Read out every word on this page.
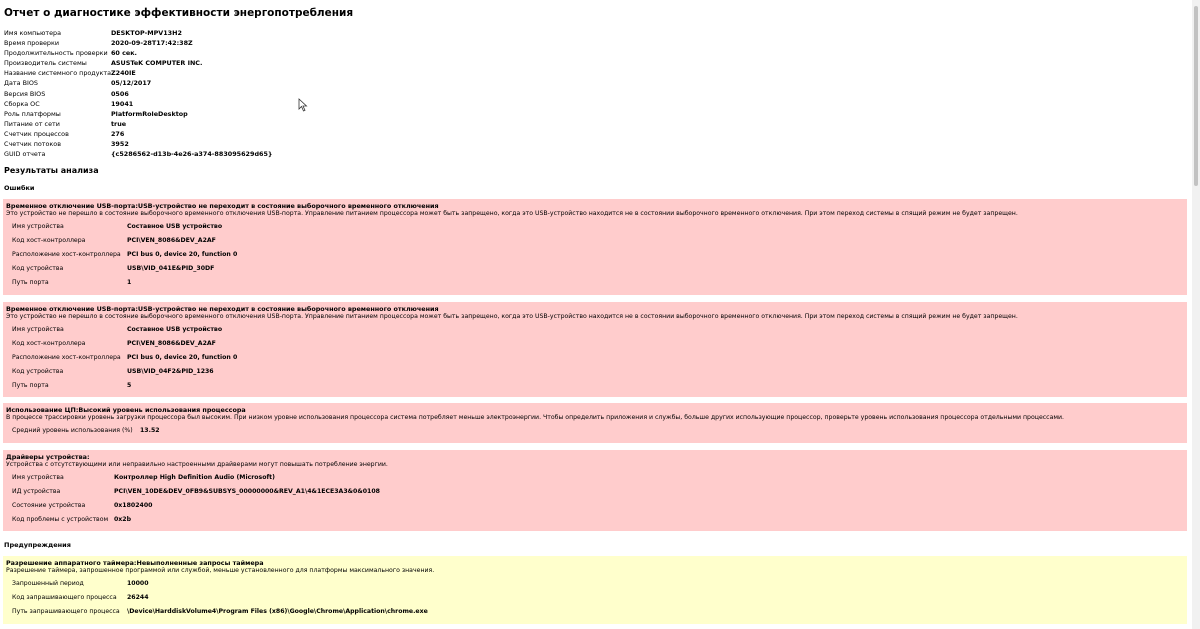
Отчет о диагностике эффективности энергопотребления
Имя компьютера	DESKTOP-MPV13H2
Время проверки	2020-09-28T17:42:38Z
Продолжительность проверки	60 сек.
Производитель системы	ASUSTeK COMPUTER INC.
Название системного продукта	Z240IE
Дата BIOS	05/12/2017
Версия BIOS	0506
Сборка ОС	19041
Роль платформы	PlatformRoleDesktop
Питание от сети	true
Счетчик процессов	276
Счетчик потоков	3952
GUID отчета	{c5286562-d13b-4e26-a374-883095629d65}
Результаты анализа
Ошибки
Временное отключение USB-порта:USB-устройство не переходит в состояние выборочного временного отключения
Это устройство не перешло в состояние выборочного временного отключения USB-порта. Управление питанием процессора может быть запрещено, когда это USB-устройство находится не в состоянии выборочного временного отключения. При этом переход системы в спящий режим не будет запрещен.
Имя устройства	Составное USB устройство
Код хост-контроллера	PCI\VEN_8086&DEV_A2AF
Расположение хост-контроллера	PCI bus 0, device 20, function 0
Код устройства	USB\VID_041E&PID_30DF
Путь порта	1
Временное отключение USB-порта:USB-устройство не переходит в состояние выборочного временного отключения
Это устройство не перешло в состояние выборочного временного отключения USB-порта. Управление питанием процессора может быть запрещено, когда это USB-устройство находится не в состоянии выборочного временного отключения. При этом переход системы в спящий режим не будет запрещен.
Имя устройства	Составное USB устройство
Код хост-контроллера	PCI\VEN_8086&DEV_A2AF
Расположение хост-контроллера	PCI bus 0, device 20, function 0
Код устройства	USB\VID_04F2&PID_1236
Путь порта	5
Использование ЦП:Высокий уровень использования процессора
В процессе трассировки уровень загрузки процессора был высоким. При низком уровне использования процессора система потребляет меньше электроэнергии. Чтобы определить приложения и службы, больше других использующие процессор, проверьте уровень использования процессора отдельными процессами.
Средний уровень использования (%)	13.52
Драйверы устройства:
Устройства с отсутствующими или неправильно настроенными драйверами могут повышать потребление энергии.
Имя устройства	Контроллер High Definition Audio (Microsoft)
ИД устройства	PCI\VEN_10DE&DEV_0FB9&SUBSYS_00000000&REV_A1\4&1ECE3A3&0&0108
Состояние устройства	0x1802400
Код проблемы с устройством	0x2b
Предупреждения
Разрешение аппаратного таймера:Невыполненные запросы таймера
Разрешение таймера, запрошенное программой или службой, меньше установленного для платформы максимального значения.
Запрошенный период	10000
Код запрашивающего процесса	26244
Путь запрашивающего процесса	\Device\HarddiskVolume4\Program Files (x86)\Google\Chrome\Application\chrome.exe
